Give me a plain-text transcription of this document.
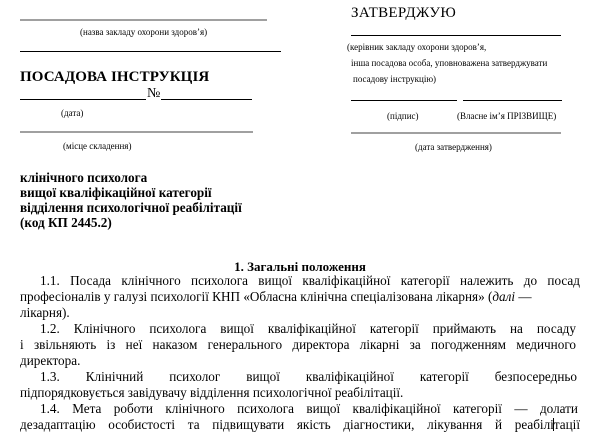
(назва закладу охорони здоров’я)
ПОСАДОВА ІНСТРУКЦІЯ
№
(дата)
(місце складення)
ЗАТВЕРДЖУЮ
(керівник закладу охорони здоров’я,
інша посадова особа, уповноважена затверджувати
посадову інструкцію)
(підпис)	(Власне ім’я ПРІЗВИЩЕ)
(дата затвердження)
клінічного психолога
вищої кваліфікаційної категорії
відділення психологічної реабілітації
(код КП 2445.2)
1. Загальні положення
1.1. Посада клінічного психолога вищої кваліфікаційної категорії належить до посад
професіоналів у галузі психології КНП «Обласна клінічна спеціалізована лікарня» (далі —
лікарня).
1.2. Клінічного психолога вищої кваліфікаційної категорії приймають на посаду
і звільняють із неї наказом генерального директора лікарні за погодженням медичного
директора.
1.3. Клінічний психолог вищої кваліфікаційної категорії безпосередньо
підпорядковується завідувачу відділення психологічної реабілітації.
1.4. Мета роботи клінічного психолога вищої кваліфікаційної категорії — долати
дезадаптацію особистості та підвищувати якість діагностики, лікування й реабілітації
